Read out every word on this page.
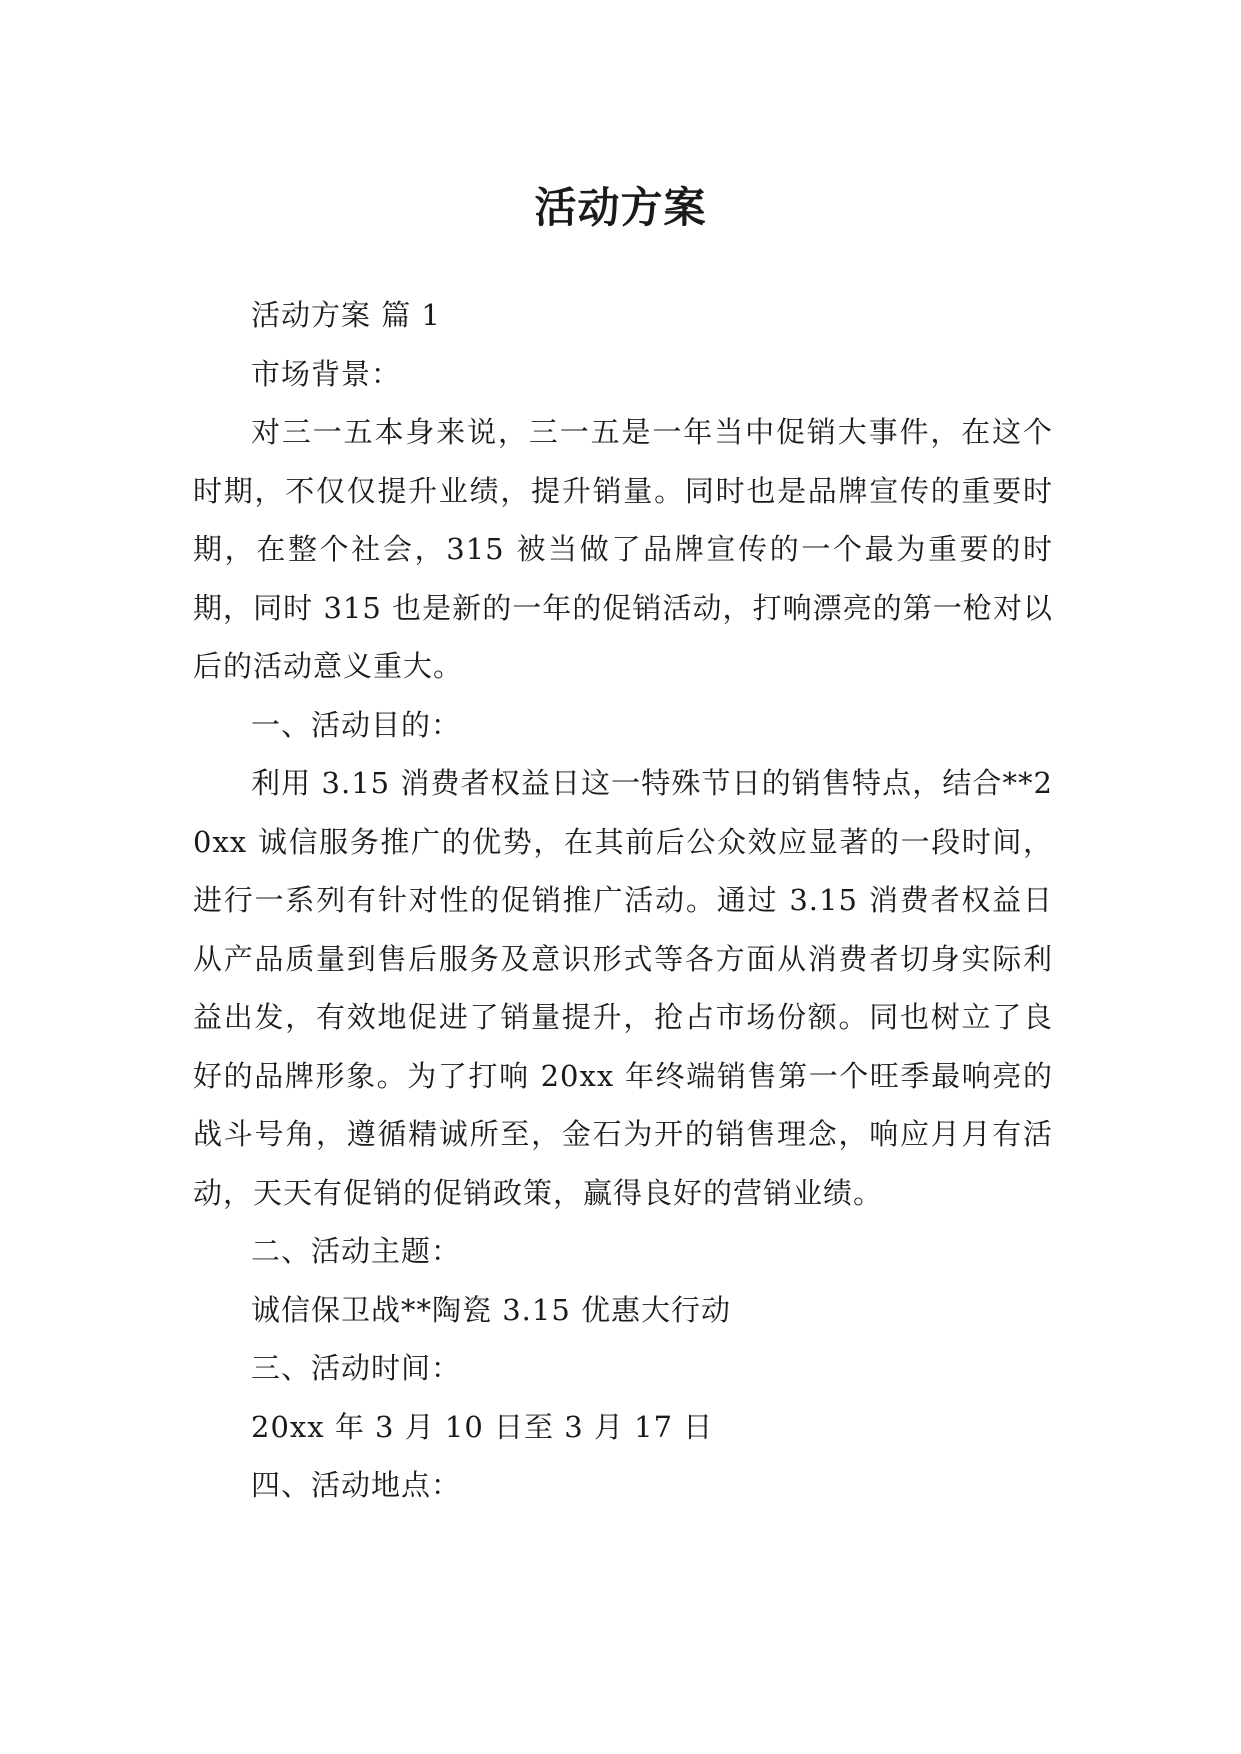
活动方案

活动方案 篇 1

市场背景：

对三一五本身来说，三一五是一年当中促销大事件，在这个时期，不仅仅提升业绩，提升销量。同时也是品牌宣传的重要时期，在整个社会，315 被当做了品牌宣传的一个最为重要的时期，同时 315 也是新的一年的促销活动，打响漂亮的第一枪对以后的活动意义重大。

一、活动目的：

利用 3.15 消费者权益日这一特殊节日的销售特点，结合**20xx 诚信服务推广的优势，在其前后公众效应显著的一段时间，进行一系列有针对性的促销推广活动。通过 3.15 消费者权益日从产品质量到售后服务及意识形式等各方面从消费者切身实际利益出发，有效地促进了销量提升，抢占市场份额。同也树立了良好的品牌形象。为了打响 20xx 年终端销售第一个旺季最响亮的战斗号角，遵循精诚所至，金石为开的销售理念，响应月月有活动，天天有促销的促销政策，赢得良好的营销业绩。

二、活动主题：

诚信保卫战**陶瓷 3.15 优惠大行动

三、活动时间：

20xx 年 3 月 10 日至 3 月 17 日

四、活动地点：
